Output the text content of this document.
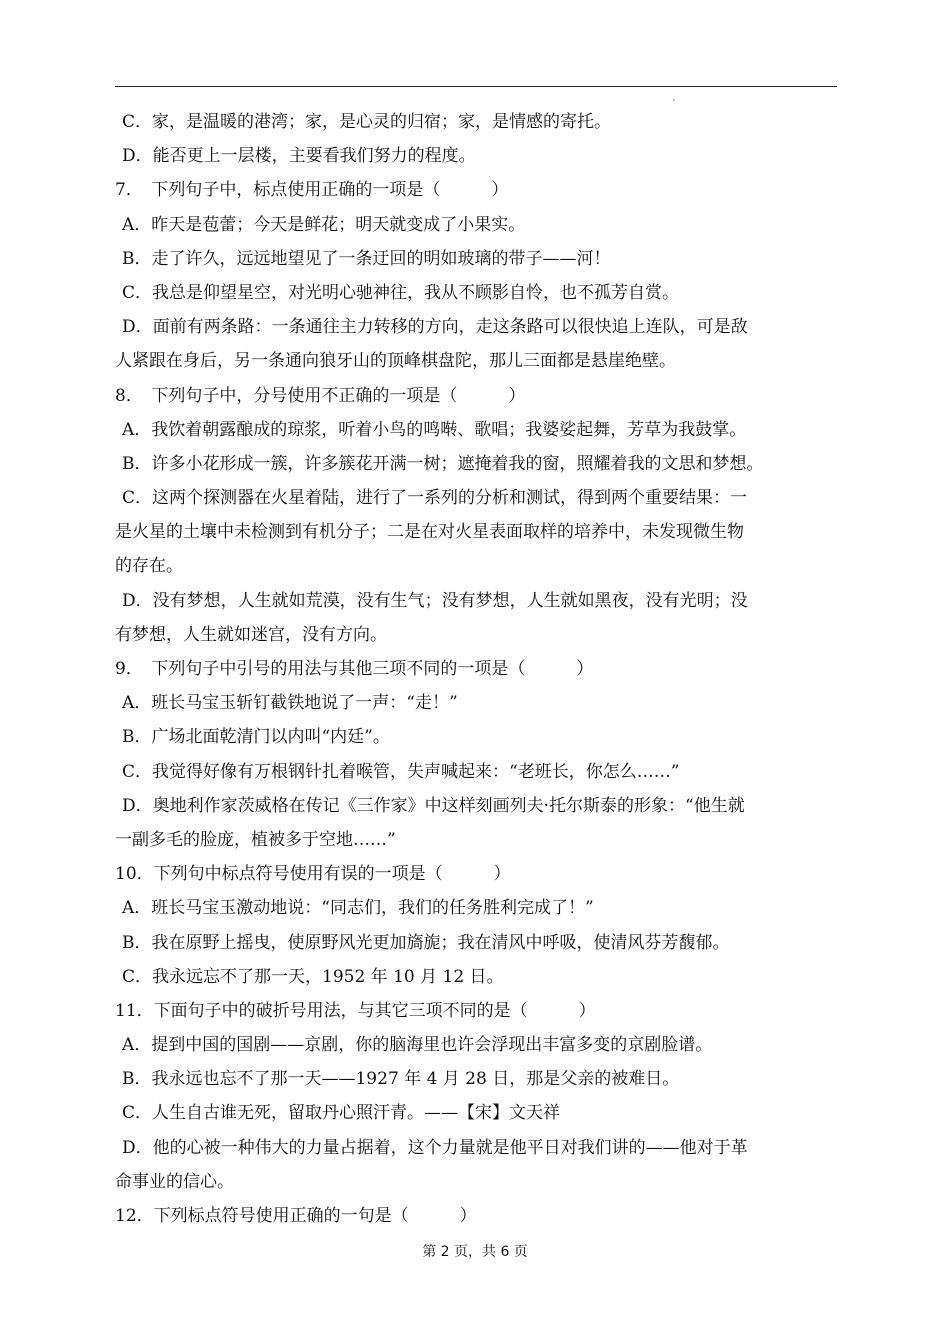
C．家，是温暖的港湾；家，是心灵的归宿；家，是情感的寄托。
D．能否更上一层楼，主要看我们努力的程度。
7．　下列句子中，标点使用正确的一项是（　　　）
A．昨天是苞蕾；今天是鲜花；明天就变成了小果实。
B．走了许久，远远地望见了一条迂回的明如玻璃的带子——河！
C．我总是仰望星空，对光明心驰神往，我从不顾影自怜，也不孤芳自赏。
D．面前有两条路：一条通往主力转移的方向，走这条路可以很快追上连队，可是敌
人紧跟在身后，另一条通向狼牙山的顶峰棋盘陀，那儿三面都是悬崖绝壁。
8．　下列句子中，分号使用不正确的一项是（　　　）
A．我饮着朝露酿成的琼浆，听着小鸟的鸣啭、歌唱；我婆娑起舞，芳草为我鼓掌。
B．许多小花形成一簇，许多簇花开满一树；遮掩着我的窗，照耀着我的文思和梦想。
C．这两个探测器在火星着陆，进行了一系列的分析和测试，得到两个重要结果：一
是火星的土壤中未检测到有机分子；二是在对火星表面取样的培养中，未发现微生物
的存在。
D．没有梦想，人生就如荒漠，没有生气；没有梦想，人生就如黑夜，没有光明；没
有梦想，人生就如迷宫，没有方向。
9．　下列句子中引号的用法与其他三项不同的一项是（　　　）
A．班长马宝玉斩钉截铁地说了一声：“走！”
B．广场北面乾清门以内叫“内廷”。
C．我觉得好像有万根钢针扎着喉管，失声喊起来：“老班长，你怎么……”
D．奥地利作家茨威格在传记《三作家》中这样刻画列夫·托尔斯泰的形象：“他生就
一副多毛的脸庞，植被多于空地……”
10．下列句中标点符号使用有误的一项是（　　　）
A．班长马宝玉激动地说：“同志们，我们的任务胜利完成了！”
B．我在原野上摇曳，使原野风光更加旖旎；我在清风中呼吸，使清风芬芳馥郁。
C．我永远忘不了那一天，1952 年 10 月 12 日。
11．下面句子中的破折号用法，与其它三项不同的是（　　　）
A．提到中国的国剧——京剧，你的脑海里也许会浮现出丰富多变的京剧脸谱。
B．我永远也忘不了那一天——1927 年 4 月 28 日，那是父亲的被难日。
C．人生自古谁无死，留取丹心照汗青。——【宋】文天祥
D．他的心被一种伟大的力量占据着，这个力量就是他平日对我们讲的——他对于革
命事业的信心。
12．下列标点符号使用正确的一句是（　　　）
第 2 页，共 6 页
